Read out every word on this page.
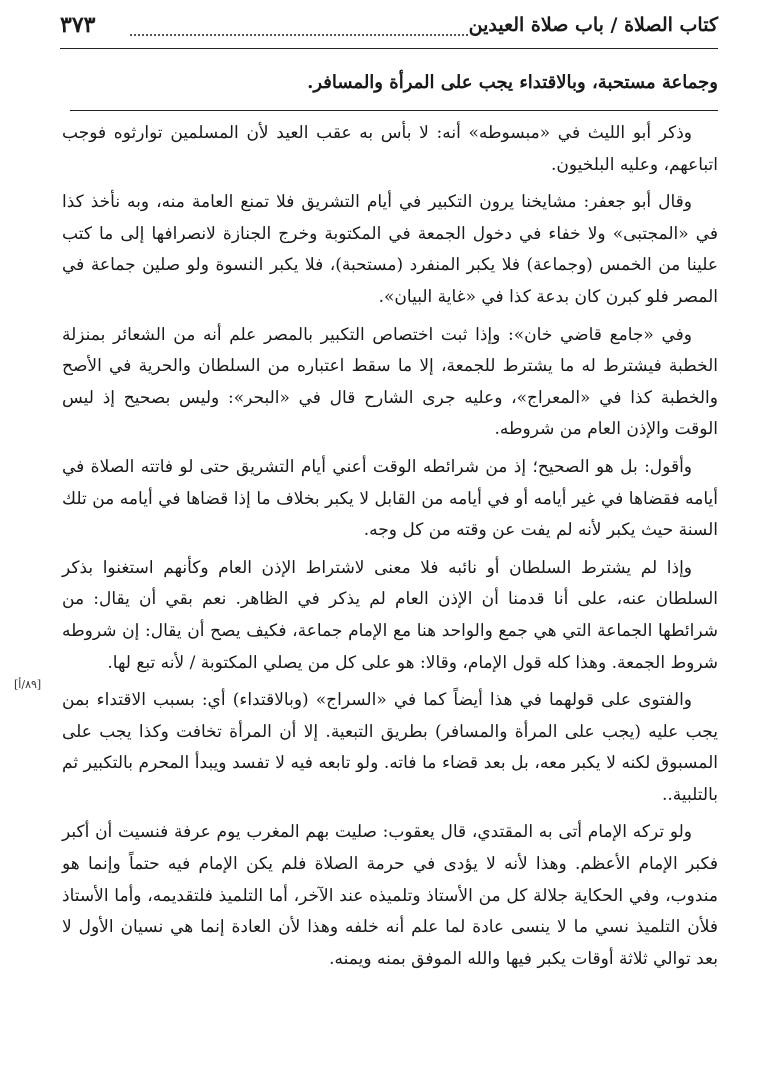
كتاب الصلاة / باب صلاة العيدين
٣٧٣
وجماعة مستحبة، وبالاقتداء يجب على المرأة والمسافر.

وذكر أبو الليث في «مبسوطه» أنه: لا بأس به عقب العيد لأن المسلمين توارثوه فوجب اتباعهم، وعليه البلخيون.

وقال أبو جعفر: مشايخنا يرون التكبير في أيام التشريق فلا تمنع العامة منه، وبه نأخذ كذا في «المجتبى» ولا خفاء في دخول الجمعة في المكتوبة وخرج الجنازة لانصرافها إلى ما كتب علينا من الخمس (وجماعة) فلا يكبر المنفرد (مستحبة)، فلا يكبر النسوة ولو صلين جماعة في المصر فلو كبرن كان بدعة كذا في «غاية البيان».

وفي «جامع قاضي خان»: وإذا ثبت اختصاص التكبير بالمصر علم أنه من الشعائر بمنزلة الخطبة فيشترط له ما يشترط للجمعة، إلا ما سقط اعتباره من السلطان والحرية في الأصح والخطبة كذا في «المعراج»، وعليه جرى الشارح قال في «البحر»: وليس بصحيح إذ ليس الوقت والإذن العام من شروطه.

وأقول: بل هو الصحيح؛ إذ من شرائطه الوقت أعني أيام التشريق حتى لو فاتته الصلاة في أيامه فقضاها في غير أيامه أو في أيامه من القابل لا يكبر بخلاف ما إذا قضاها في أيامه من تلك السنة حيث يكبر لأنه لم يفت عن وقته من كل وجه.

وإذا لم يشترط السلطان أو نائبه فلا معنى لاشتراط الإذن العام وكأنهم استغنوا بذكر السلطان عنه، على أنا قدمنا أن الإذن العام لم يذكر في الظاهر. نعم بقي أن يقال: من شرائطها الجماعة التي هي جمع والواحد هنا مع الإمام جماعة، فكيف يصح أن يقال: إن شروطه شروط الجمعة. وهذا كله قول الإمام، وقالا: هو على كل من يصلي المكتوبة / لأنه تبع لها.

والفتوى على قولهما في هذا أيضاً كما في «السراج» (وبالاقتداء) أي: بسبب الاقتداء بمن يجب عليه (يجب على المرأة والمسافر) بطريق التبعية. إلا أن المرأة تخافت وكذا يجب على المسبوق لكنه لا يكبر معه، بل بعد قضاء ما فاته. ولو تابعه فيه لا تفسد ويبدأ المحرم بالتكبير ثم بالتلبية..

ولو تركه الإمام أتى به المقتدي، قال يعقوب: صليت بهم المغرب يوم عرفة فنسيت أن أكبر فكبر الإمام الأعظم. وهذا لأنه لا يؤدى في حرمة الصلاة فلم يكن الإمام فيه حتماً وإنما هو مندوب، وفي الحكاية جلالة كل من الأستاذ وتلميذه عند الآخر، أما التلميذ فلتقديمه، وأما الأستاذ فلأن التلميذ نسي ما لا ينسى عادة لما علم أنه خلفه وهذا لأن العادة إنما هي نسيان الأول لا بعد توالي ثلاثة أوقات يكبر فيها والله الموفق بمنه ويمنه.

[٨٩/أ]
